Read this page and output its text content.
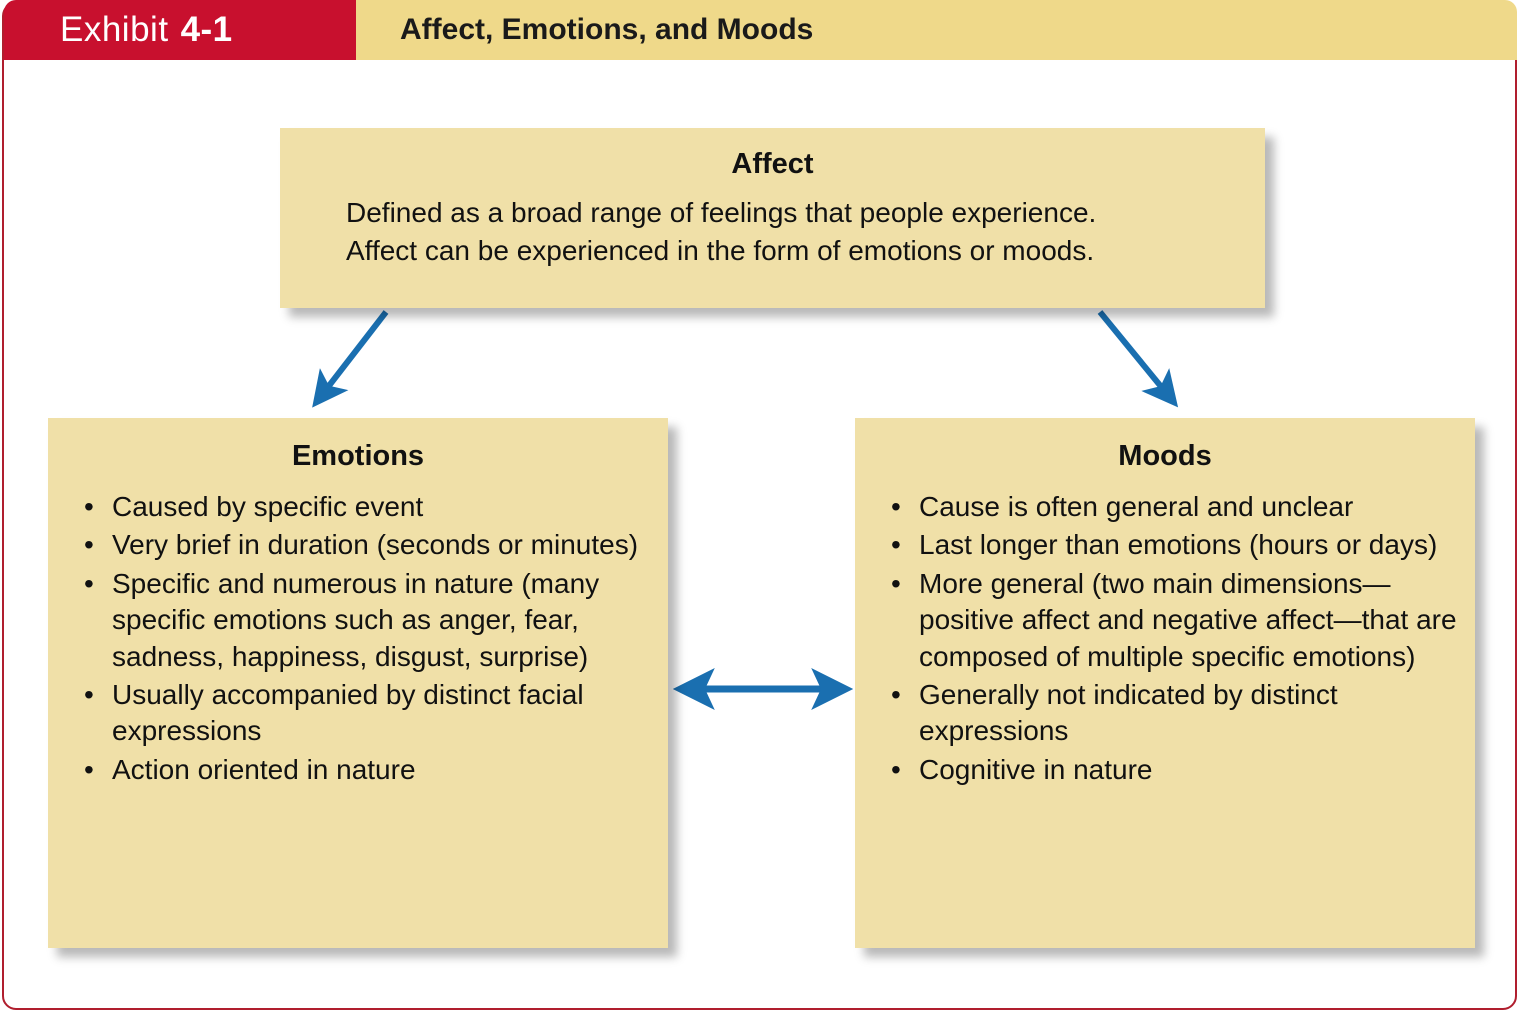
Exhibit 4-1	Affect, Emotions, and Moods
Affect
Defined as a broad range of feelings that people experience.
Affect can be experienced in the form of emotions or moods.
Emotions
• Caused by specific event
• Very brief in duration (seconds or minutes)
• Specific and numerous in nature (many specific emotions such as anger, fear, sadness, happiness, disgust, surprise)
• Usually accompanied by distinct facial expressions
• Action oriented in nature
Moods
• Cause is often general and unclear
• Last longer than emotions (hours or days)
• More general (two main dimensions—positive affect and negative affect—that are composed of multiple specific emotions)
• Generally not indicated by distinct expressions
• Cognitive in nature
